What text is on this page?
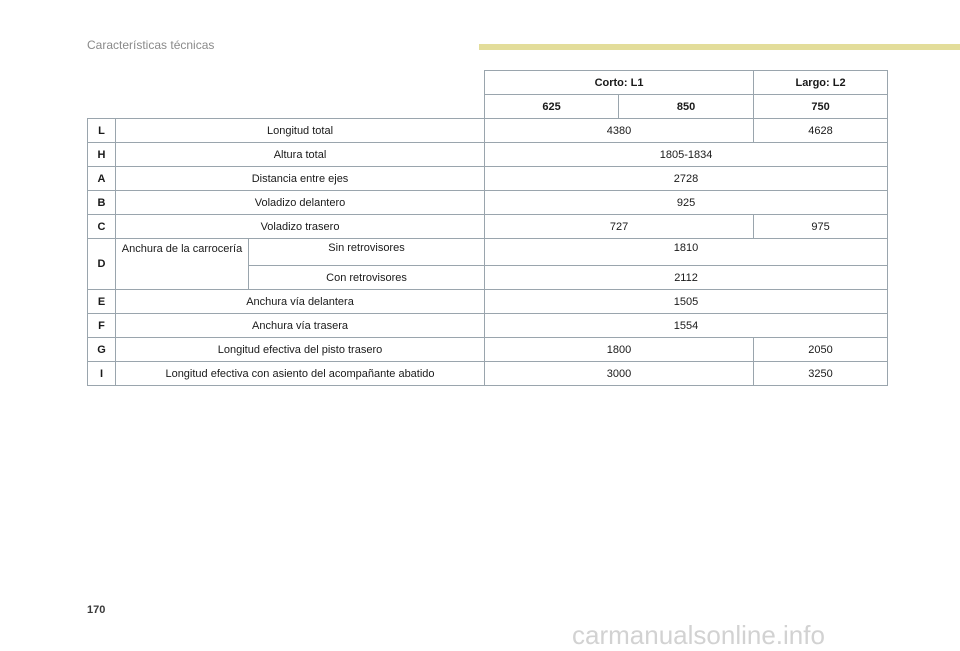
Características técnicas
			Corto: L1		Largo: L2
			625	850	750
L	Longitud total		4380		4628
H	Altura total		1805-1834		
A	Distancia entre ejes		2728		
B	Voladizo delantero		925		
C	Voladizo trasero		727		975
D	Anchura de la carrocería	Sin retrovisores	1810		
		Con retrovisores	2112		
E	Anchura vía delantera		1505		
F	Anchura vía trasera		1554		
G	Longitud efectiva del pisto trasero		1800		2050
I	Longitud efectiva con asiento del acompañante abatido		3000		3250
170
carmanualsonline.info
